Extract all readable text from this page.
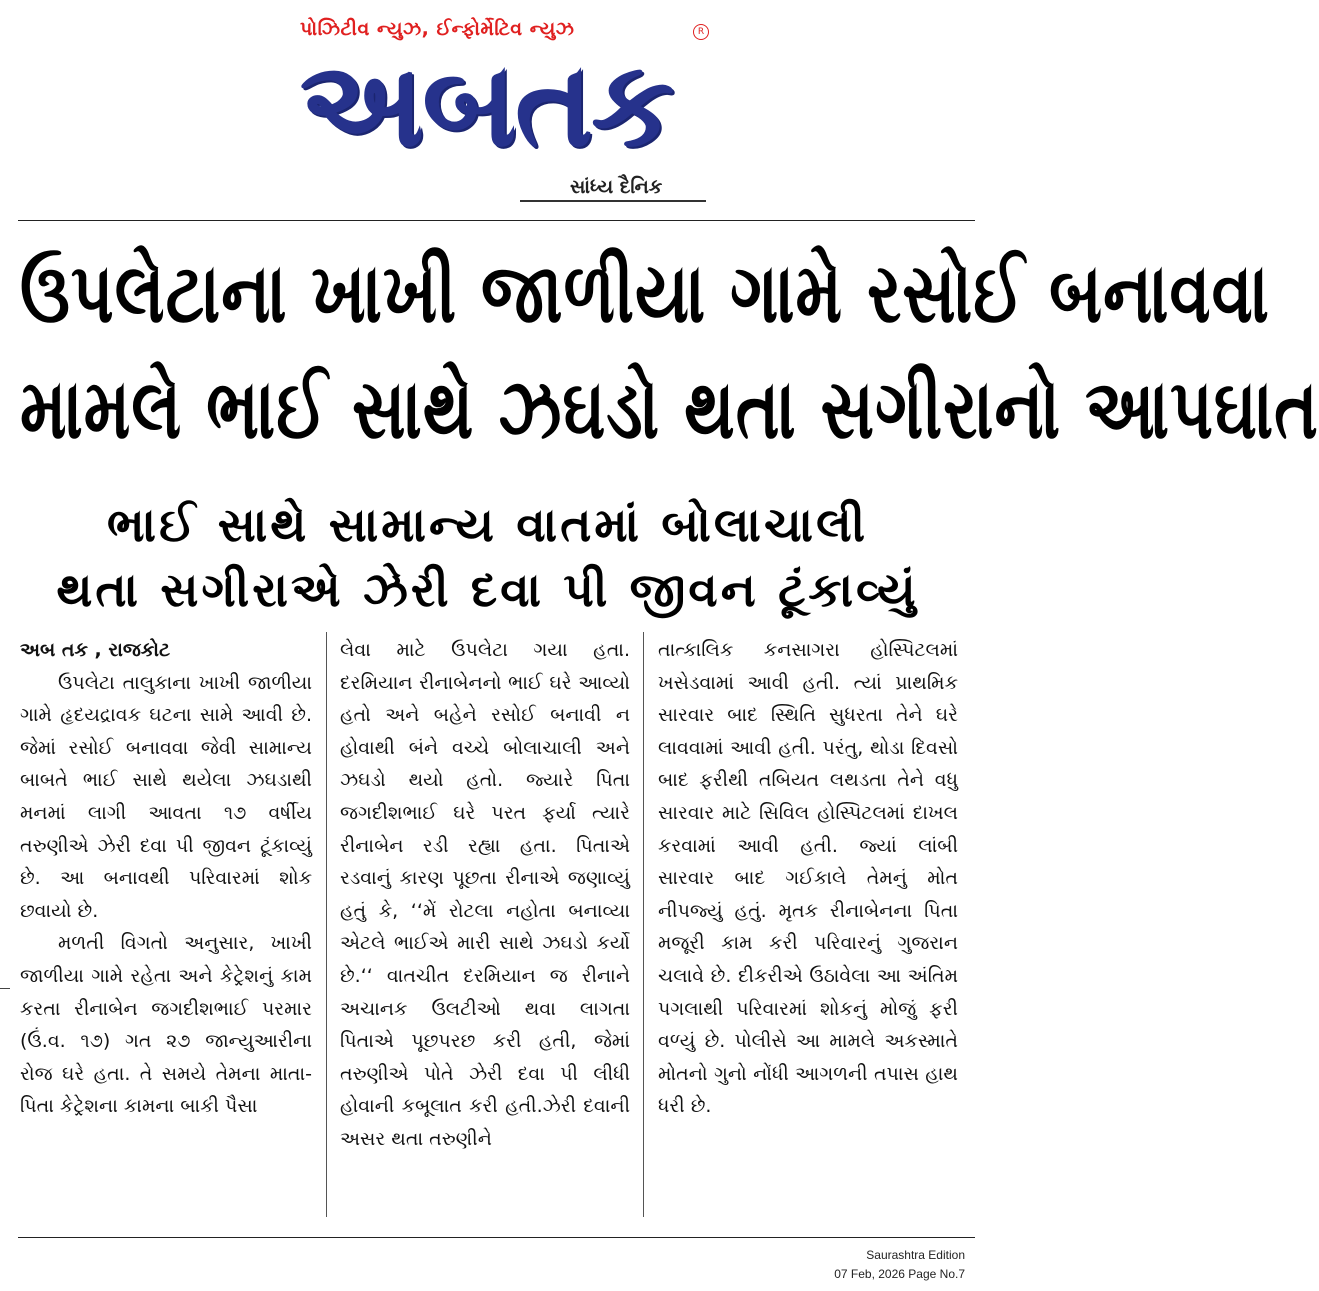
પોઝિટીવ ન્યુઝ, ઈન્ફોર્મેટિવ ન્યુઝ	R
અબતક
સાંધ્ય દૈનિક
ઉપલેટાના ખાખી જાળીયા ગામે રસોઈ બનાવવા
મામલે ભાઈ સાથે ઝઘડો થતા સગીરાનો આપઘાત
ભાઈ સાથે સામાન્ય વાતમાં બોલાચાલી
થતા સગીરાએ ઝેરી દવા પી જીવન ટૂંકાવ્યું

અબ તક , રાજકોટ

ઉપલેટા તાલુકાના ખાખી જાળીયા ગામે હૃદયદ્રાવક ઘટના સામે આવી છે. જેમાં રસોઈ બનાવવા જેવી સામાન્ય બાબતે ભાઈ સાથે થયેલા ઝઘડાથી મનમાં લાગી આવતા ૧૭ વર્ષીય તરુણીએ ઝેરી દવા પી જીવન ટૂંકાવ્યું છે. આ બનાવથી પરિવારમાં શોક છવાયો છે.

મળતી વિગતો અનુસાર, ખાખી જાળીયા ગામે રહેતા અને કેટ્રેશનું કામ કરતા રીનાબેન જગદીશભાઈ પરમાર (ઉં.વ. ૧૭) ગત ૨૭ જાન્યુઆરીના રોજ ઘરે હતા. તે સમયે તેમના માતા-પિતા કેટ્રેશના કામના બાકી પૈસા

લેવા માટે ઉપલેટા ગયા હતા. દરમિયાન રીનાબેનનો ભાઈ ઘરે આવ્યો હતો અને બહેને રસોઈ બનાવી ન હોવાથી બંને વચ્ચે બોલાચાલી અને ઝઘડો થયો હતો. જ્યારે પિતા જગદીશભાઈ ઘરે પરત ફર્યા ત્યારે રીનાબેન રડી રહ્યા હતા. પિતાએ રડવાનું કારણ પૂછતા રીનાએ જણાવ્યું હતું કે, ‘‘મેં રોટલા નહોતા બનાવ્યા એટલે ભાઈએ મારી સાથે ઝઘડો કર્યો છે.‘‘ વાતચીત દરમિયાન જ રીનાને અચાનક ઉલટીઓ થવા લાગતા પિતાએ પૂછપરછ કરી હતી, જેમાં તરુણીએ પોતે ઝેરી દવા પી લીધી હોવાની કબૂલાત કરી હતી.ઝેરી દવાની અસર થતા તરુણીને

તાત્કાલિક કનસાગરા હોસ્પિટલમાં ખસેડવામાં આવી હતી. ત્યાં પ્રાથમિક સારવાર બાદ સ્થિતિ સુધરતા તેને ઘરે લાવવામાં આવી હતી. પરંતુ, થોડા દિવસો બાદ ફરીથી તબિયત લથડતા તેને વધુ સારવાર માટે સિવિલ હોસ્પિટલમાં દાખલ કરવામાં આવી હતી. જ્યાં લાંબી સારવાર બાદ ગઈકાલે તેમનું મોત નીપજ્યું હતું. મૃતક રીનાબેનના પિતા મજૂરી કામ કરી પરિવારનું ગુજરાન ચલાવે છે. દીકરીએ ઉઠાવેલા આ અંતિમ પગલાથી પરિવારમાં શોકનું મોજું ફરી વળ્યું છે. પોલીસે આ મામલે અકસ્માતે મોતનો ગુનો નોંધી આગળની તપાસ હાથ ધરી છે.

Saurashtra Edition
07 Feb, 2026 Page No.7
